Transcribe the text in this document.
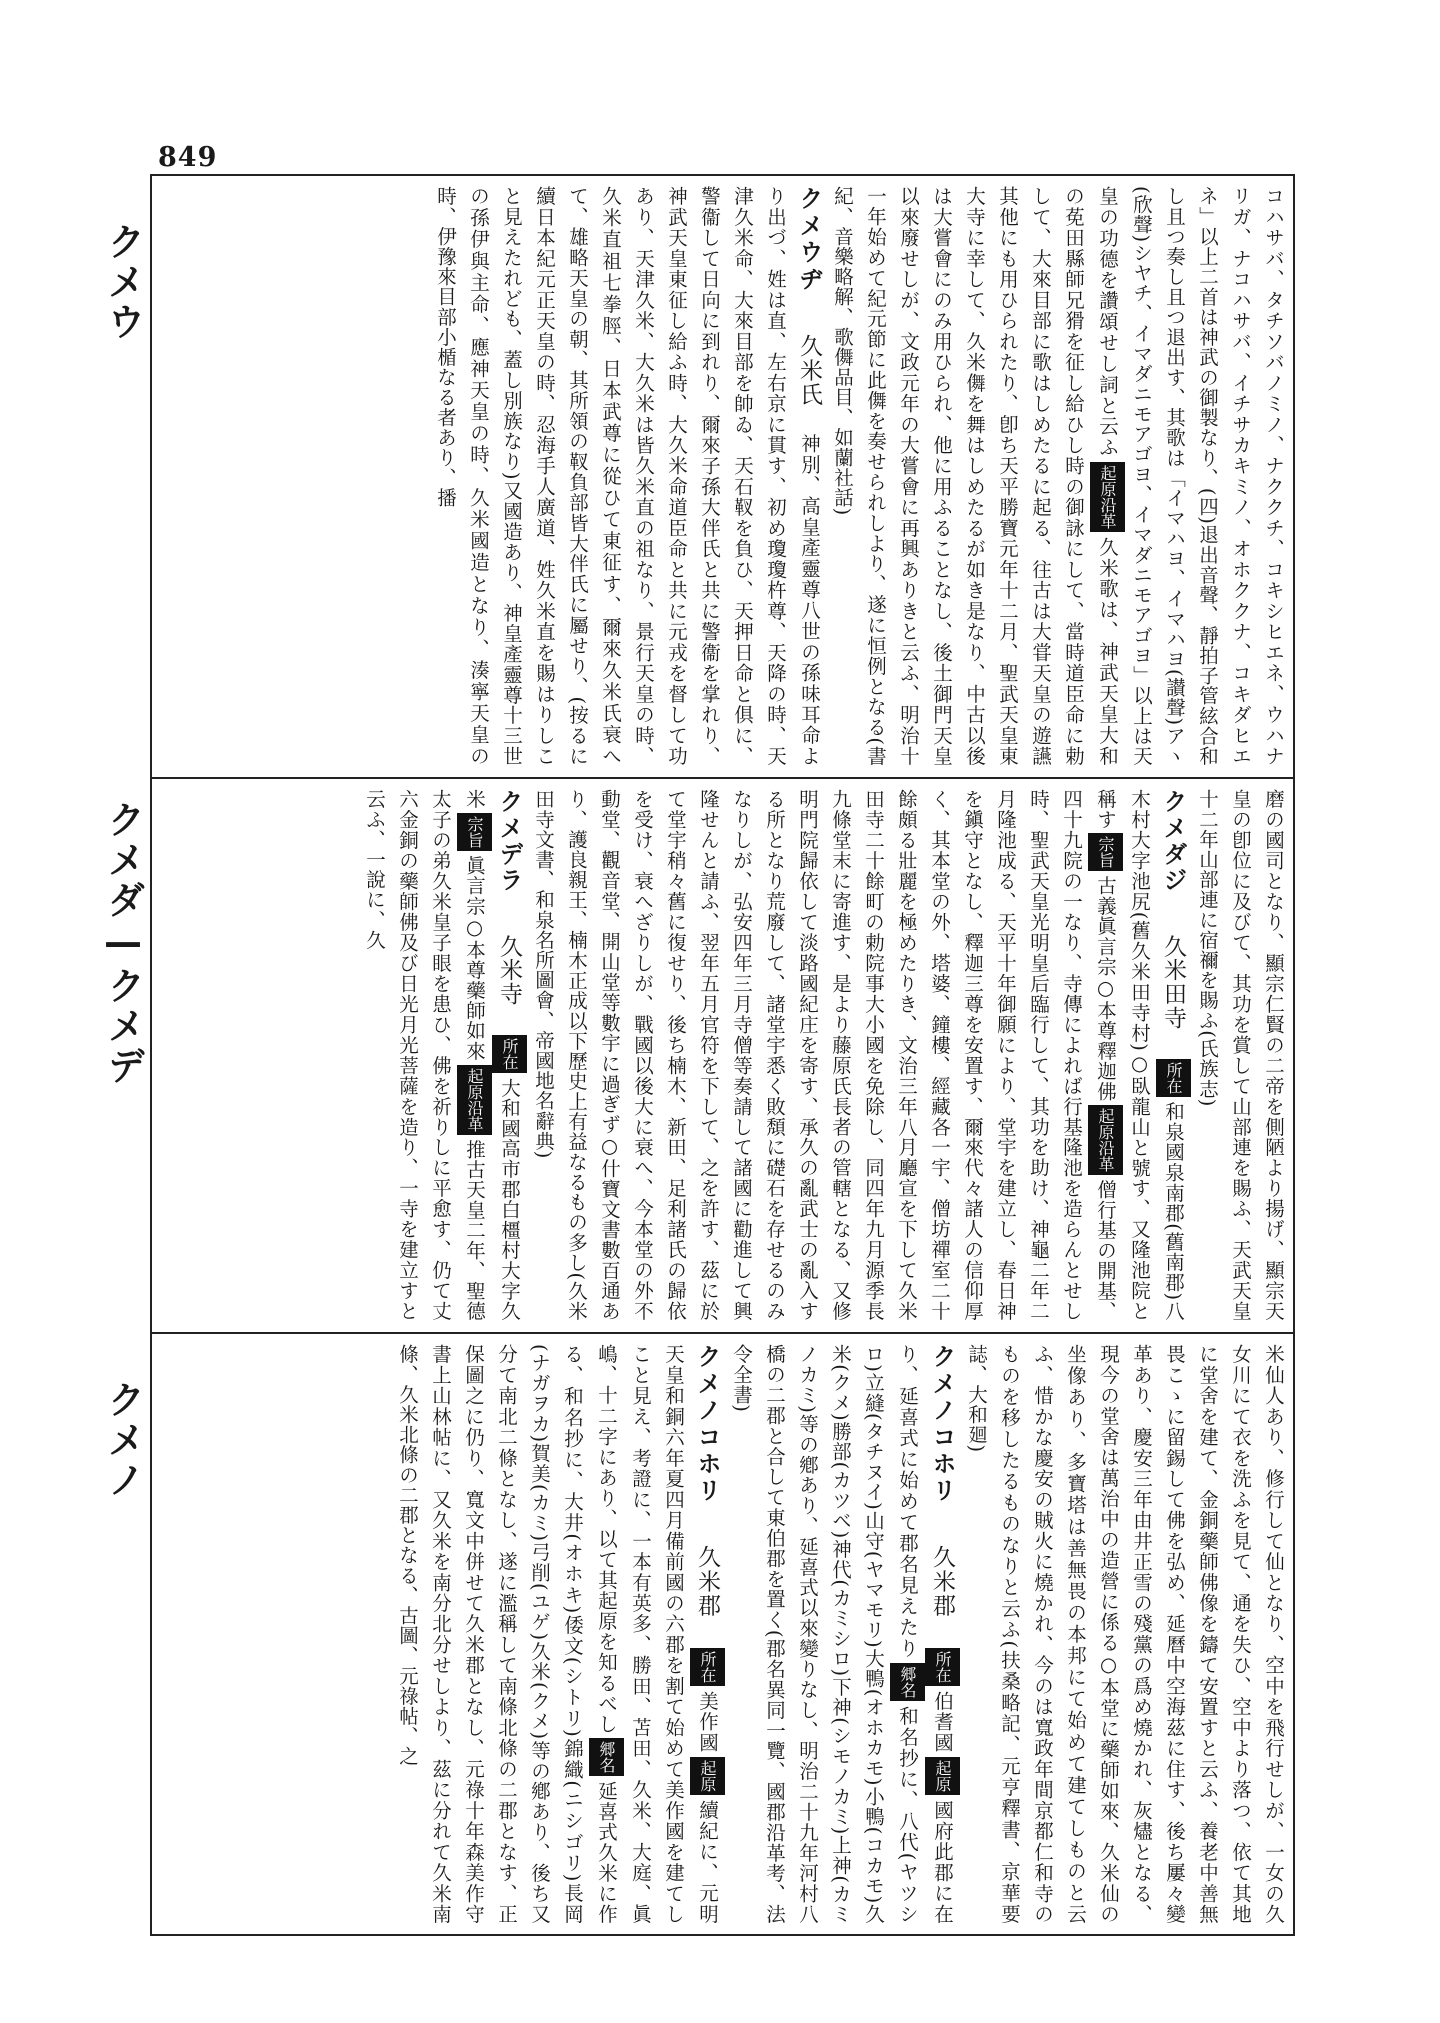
849
クメウ
クメダ—クメデ
クメノ

コハサバ、タチソバノミノ、ナククチ、コキシヒエネ、ウハナリガ、ナコハサバ、イチサカキミノ、オホククナ、コキダヒエネ」以上二首は神武の御製なり、(四)退出音聲、靜拍子管絃合和し且つ奏し且つ退出す、其歌は「イマハヨ、イマハヨ(讃聲)アヽ(欣聲)シヤチ、イマダニモアゴヨ、イマダニモアゴヨ」以上は天皇の功德を讚頌せし詞と云ふ起原沿革久米歌は、神武天皇大和の莬田縣師兄猾を征し給ひし時の御詠にして、當時道臣命に勅して、大來目部に歌はしめたるに起る、往古は大甞天皇の遊讌其他にも用ひられたり、卽ち天平勝寶元年十二月、聖武天皇東大寺に幸して、久米儛を舞はしめたるが如き是なり、中古以後は大嘗會にのみ用ひられ、他に用ふることなし、後土御門天皇以來廢せしが、文政元年の大嘗會に再興ありきと云ふ、明治十一年始めて紀元節に此儛を奏せられしより、遂に恒例となる(書紀、音樂略解、歌儛品目、如蘭社話)

クメウヂ久米氏神別、高皇產靈尊八世の孫味耳命より出づ、姓は直、左右京に貫す、初め瓊瓊杵尊、天降の時、天津久米命、大來目部を帥ゐ、天石靫を負ひ、天押日命と俱に、警衞して日向に到れり、爾來子孫大伴氏と共に警衞を掌れり、神武天皇東征し給ふ時、大久米命道臣命と共に元戎を督して功あり、天津久米、大久米は皆久米直の祖なり、景行天皇の時、久米直祖七拳脛、日本武尊に從ひて東征す、爾來久米氏衰へて、雄略天皇の朝、其所領の靫負部皆大伴氏に屬せり、(按るに續日本紀元正天皇の時、忍海手人廣道、姓久米直を賜はりしこと見えたれども、蓋し別族なり)又國造あり、神皇產靈尊十三世の孫伊與主命、應神天皇の時、久米國造となり、湊寧天皇の時、伊豫來目部小楯なる者あり、播

磨の國司となり、顯宗仁賢の二帝を側陋より揚げ、顯宗天皇の卽位に及びて、其功を賞して山部連を賜ふ、天武天皇十二年山部連に宿禰を賜ふ(氏族志)

クメダジ久米田寺所在和泉國泉南郡(舊南郡)八木村大字池尻(舊久米田寺村)○臥龍山と號す、又隆池院と稱す宗旨古義眞言宗○本尊釋迦佛起原沿革僧行基の開基、四十九院の一なり、寺傳によれば行基隆池を造らんとせし時、聖武天皇光明皇后臨行して、其功を助け、神龜二年二月隆池成る、天平十年御願により、堂宇を建立し、春日神を鎭守となし、釋迦三尊を安置す、爾來代々諸人の信仰厚く、其本堂の外、塔婆、鐘樓、經藏各一宇、僧坊禪室二十餘頗る壯麗を極めたりき、文治三年八月廳宣を下して久米田寺二十餘町の勅院事大小國を免除し、同四年九月源季長九條堂末に寄進す、是より藤原氏長者の管轄となる、又修明門院歸依して淡路國紀庄を寄す、承久の亂武士の亂入する所となり荒廢して、諸堂宇悉く敗頽に礎石を存せるのみなりしが、弘安四年三月寺僧等奏請して諸國に勸進して興隆せんと請ふ、翌年五月官符を下して、之を許す、茲に於て堂宇稍々舊に復せり、後ち楠木、新田、足利諸氏の歸依を受け、衰へざりしが、戰國以後大に衰へ、今本堂の外不動堂、觀音堂、開山堂等數宇に過ぎず○什寶文書數百通あり、護良親王、楠木正成以下歷史上有益なるもの多し(久米田寺文書、和泉名所圖會、帝國地名辭典)

クメデラ久米寺所在大和國高市郡白橿村大字久米宗旨眞言宗○本尊藥師如來起原沿革推古天皇二年、聖德太子の弟久米皇子眼を患ひ、佛を祈りしに平愈す、仍て丈六金銅の藥師佛及び日光月光菩薩を造り、一寺を建立すと云ふ、一說に、久

米仙人あり、修行して仙となり、空中を飛行せしが、一女の久女川にて衣を洗ふを見て、通を失ひ、空中より落つ、依て其地に堂舍を建て、金銅藥師佛像を鑄て安置すと云ふ、養老中善無畏こゝに留錫して佛を弘め、延曆中空海茲に住す、後ち屢々變革あり、慶安三年由井正雪の殘黨の爲め燒かれ、灰燼となる、現今の堂舍は萬治中の造營に係る○本堂に藥師如來、久米仙の坐像あり、多寶塔は善無畏の本邦にて始めて建てしものと云ふ、惜かな慶安の賊火に燒かれ、今のは寬政年間京都仁和寺のものを移したるものなりと云ふ(扶桑略記、元亨釋書、京華要誌、大和廻)

クメノコホリ久米郡所在伯耆國起原國府此郡に在り、延喜式に始めて郡名見えたり郷名和名抄に、八代(ヤツシロ)立縫(タチヌイ)山守(ヤマモリ)大鴨(オホカモ)小鴨(コカモ)久米(クメ)勝部(カツベ)神代(カミシロ)下神(シモノカミ)上神(カミノカミ)等の鄕あり、延喜式以來變りなし、明治二十九年河村八橋の二郡と合して東伯郡を置く(郡名異同一覽、國郡沿革考、法令全書)

クメノコホリ久米郡所在美作國起原續紀に、元明天皇和銅六年夏四月備前國の六郡を割て始めて美作國を建てしこと見え、考證に、一本有英多、勝田、苫田、久米、大庭、眞嶋、十二字にあり、以て其起原を知るべし郷名延喜式久米に作る、和名抄に、大井(オホキ)倭文(シトリ)錦織(ニシゴリ)長岡(ナガヲカ)賀美(カミ)弓削(ユゲ)久米(クメ)等の鄕あり、後ち又分て南北二條となし、遂に濫稱して南條北條の二郡となす、正保圖之に仍り、寬文中併せて久米郡となし、元祿十年森美作守書上山林帖に、又久米を南分北分せしより、茲に分れて久米南條、久米北條の二郡となる、古圖、元祿帖、之
